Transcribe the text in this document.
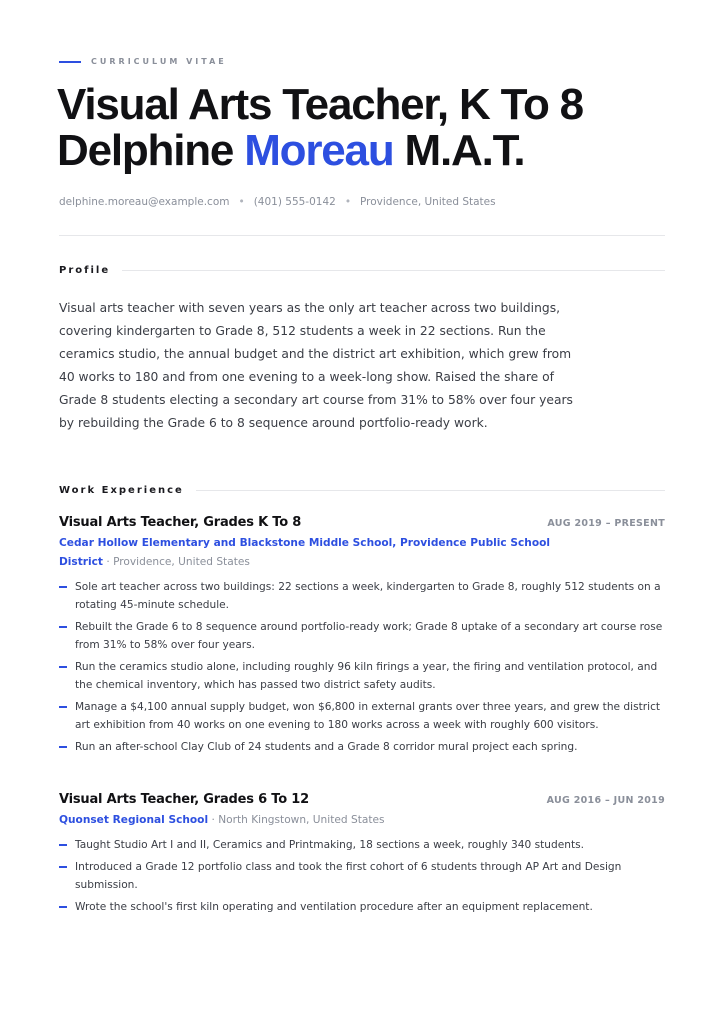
CURRICULUM VITAE
Visual Arts Teacher, K To 8
Delphine Moreau M.A.T.
delphine.moreau@example.com • (401) 555-0142 • Providence, United States
Profile

Visual arts teacher with seven years as the only art teacher across two buildings, covering kindergarten to Grade 8, 512 students a week in 22 sections. Run the ceramics studio, the annual budget and the district art exhibition, which grew from 40 works to 180 and from one evening to a week-long show. Raised the share of Grade 8 students electing a secondary art course from 31% to 58% over four years by rebuilding the Grade 6 to 8 sequence around portfolio-ready work.

Work Experience
Visual Arts Teacher, Grades K To 8	AUG 2019 – PRESENT
Cedar Hollow Elementary and Blackstone Middle School, Providence Public School District · Providence, United States
Sole art teacher across two buildings: 22 sections a week, kindergarten to Grade 8, roughly 512 students on a rotating 45-minute schedule.
Rebuilt the Grade 6 to 8 sequence around portfolio-ready work; Grade 8 uptake of a secondary art course rose from 31% to 58% over four years.
Run the ceramics studio alone, including roughly 96 kiln firings a year, the firing and ventilation protocol, and the chemical inventory, which has passed two district safety audits.
Manage a $4,100 annual supply budget, won $6,800 in external grants over three years, and grew the district art exhibition from 40 works on one evening to 180 works across a week with roughly 600 visitors.
Run an after-school Clay Club of 24 students and a Grade 8 corridor mural project each spring.
Visual Arts Teacher, Grades 6 To 12	AUG 2016 – JUN 2019
Quonset Regional School · North Kingstown, United States
Taught Studio Art I and II, Ceramics and Printmaking, 18 sections a week, roughly 340 students.
Introduced a Grade 12 portfolio class and took the first cohort of 6 students through AP Art and Design submission.
Wrote the school's first kiln operating and ventilation procedure after an equipment replacement.
